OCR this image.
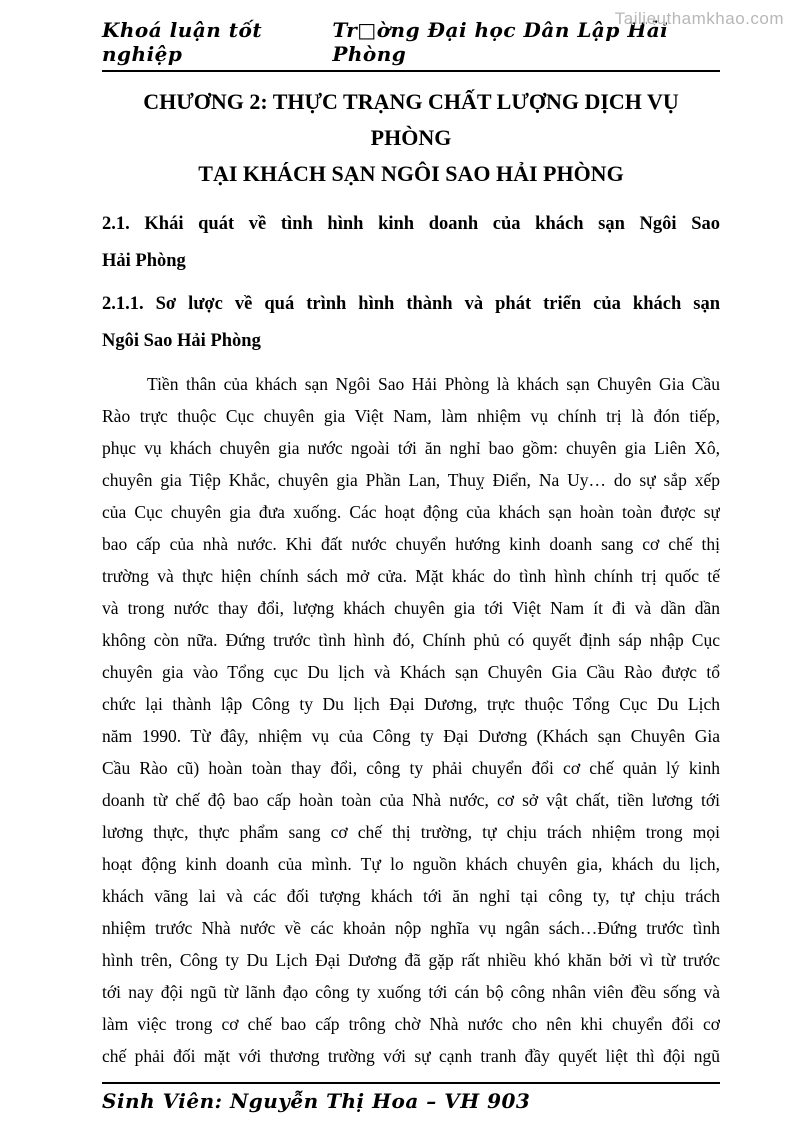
Tailieuthamkhao.com
Khoá luận tốt nghiệp
Tr□ờng Đại học Dân Lập Hải Phòng
CHƯƠNG 2: THỰC TRẠNG CHẤT LƯỢNG DỊCH VỤ PHÒNG
TẠI KHÁCH SẠN NGÔI SAO HẢI PHÒNG
2.1. Khái quát về tình hình kinh doanh của khách sạn Ngôi Sao
Hải Phòng
2.1.1. Sơ lược về quá trình hình thành và phát triển của khách sạn
Ngôi Sao Hải Phòng
Tiền thân của khách sạn Ngôi Sao Hải Phòng là khách sạn Chuyên Gia Cầu
Rào trực thuộc Cục chuyên gia Việt Nam, làm nhiệm vụ chính trị là đón tiếp,
phục vụ khách chuyên gia nước ngoài tới ăn nghỉ bao gồm: chuyên gia Liên Xô,
chuyên gia Tiệp Khắc, chuyên gia Phần Lan, Thuỵ Điển, Na Uy… do sự sắp xếp
của Cục chuyên gia đưa xuống. Các hoạt động của khách sạn hoàn toàn được sự
bao cấp của nhà nước. Khi đất nước chuyển hướng kinh doanh sang cơ chế thị
trường và thực hiện chính sách mở cửa. Mặt khác do tình hình chính trị quốc tế
và trong nước thay đổi, lượng khách chuyên gia tới Việt Nam ít đi và dần dần
không còn nữa. Đứng trước tình hình đó, Chính phủ có quyết định sáp nhập Cục
chuyên gia vào Tổng cục Du lịch và Khách sạn Chuyên Gia Cầu Rào được tổ
chức lại thành lập Công ty Du lịch Đại Dương, trực thuộc Tổng Cục Du Lịch
năm 1990. Từ đây, nhiệm vụ của Công ty Đại Dương (Khách sạn Chuyên Gia
Cầu Rào cũ) hoàn toàn thay đổi, công ty phải chuyển đổi cơ chế quản lý kinh
doanh từ chế độ bao cấp hoàn toàn của Nhà nước, cơ sở vật chất, tiền lương tới
lương thực, thực phẩm sang cơ chế thị trường, tự chịu trách nhiệm trong mọi
hoạt động kinh doanh của mình. Tự lo nguồn khách chuyên gia, khách du lịch,
khách vãng lai và các đối tượng khách tới ăn nghỉ tại công ty, tự chịu trách
nhiệm trước Nhà nước về các khoản nộp nghĩa vụ ngân sách…Đứng trước tình
hình trên, Công ty Du Lịch Đại Dương đã gặp rất nhiều khó khăn bởi vì từ trước
tới nay đội ngũ từ lãnh đạo công ty xuống tới cán bộ công nhân viên đều sống và
làm việc trong cơ chế bao cấp trông chờ Nhà nước cho nên khi chuyển đổi cơ
chế phải đối mặt với thương trường với sự cạnh tranh đầy quyết liệt thì đội ngũ
Sinh Viên: Nguyễn Thị Hoa – VH 903
